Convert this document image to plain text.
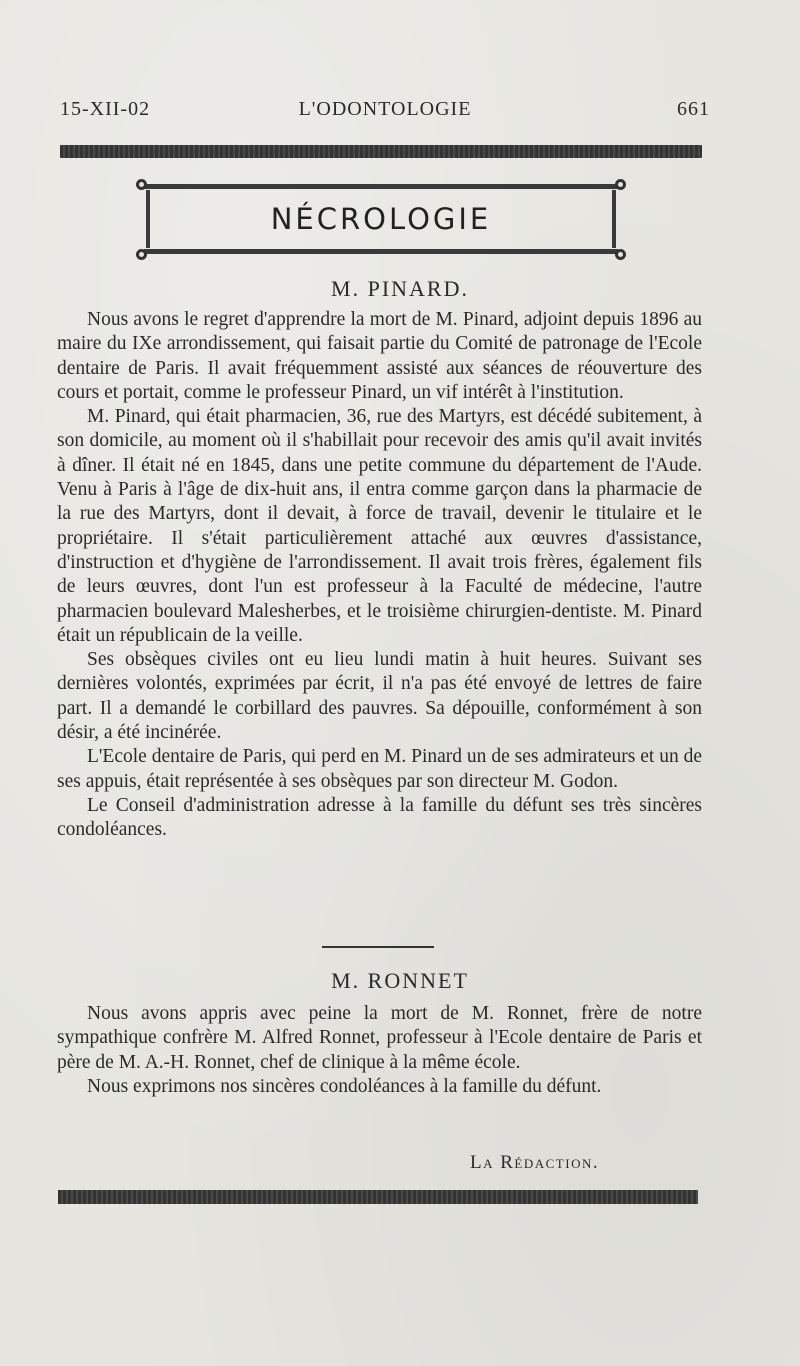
15-XII-02	L'ODONTOLOGIE	661
NÉCROLOGIE
M. PINARD.

Nous avons le regret d'apprendre la mort de M. Pinard, adjoint depuis 1896 au maire du IXe arrondissement, qui faisait partie du Comité de patronage de l'Ecole dentaire de Paris. Il avait fréquemment assisté aux séances de réouverture des cours et portait, comme le professeur Pinard, un vif intérêt à l'institution.

M. Pinard, qui était pharmacien, 36, rue des Martyrs, est décédé subitement, à son domicile, au moment où il s'habillait pour recevoir des amis qu'il avait invités à dîner. Il était né en 1845, dans une petite commune du département de l'Aude. Venu à Paris à l'âge de dix-huit ans, il entra comme garçon dans la pharmacie de la rue des Martyrs, dont il devait, à force de travail, devenir le titulaire et le propriétaire. Il s'était particulièrement attaché aux œuvres d'assistance, d'instruction et d'hygiène de l'arrondissement. Il avait trois frères, également fils de leurs œuvres, dont l'un est professeur à la Faculté de médecine, l'autre pharmacien boulevard Malesherbes, et le troisième chirurgien-dentiste. M. Pinard était un républicain de la veille.

Ses obsèques civiles ont eu lieu lundi matin à huit heures. Suivant ses dernières volontés, exprimées par écrit, il n'a pas été envoyé de lettres de faire part. Il a demandé le corbillard des pauvres. Sa dépouille, conformément à son désir, a été incinérée.

L'Ecole dentaire de Paris, qui perd en M. Pinard un de ses admirateurs et un de ses appuis, était représentée à ses obsèques par son directeur M. Godon.

Le Conseil d'administration adresse à la famille du défunt ses très sincères condoléances.

M. RONNET

Nous avons appris avec peine la mort de M. Ronnet, frère de notre sympathique confrère M. Alfred Ronnet, professeur à l'Ecole dentaire de Paris et père de M. A.-H. Ronnet, chef de clinique à la même école.

Nous exprimons nos sincères condoléances à la famille du défunt.

La Rédaction.
